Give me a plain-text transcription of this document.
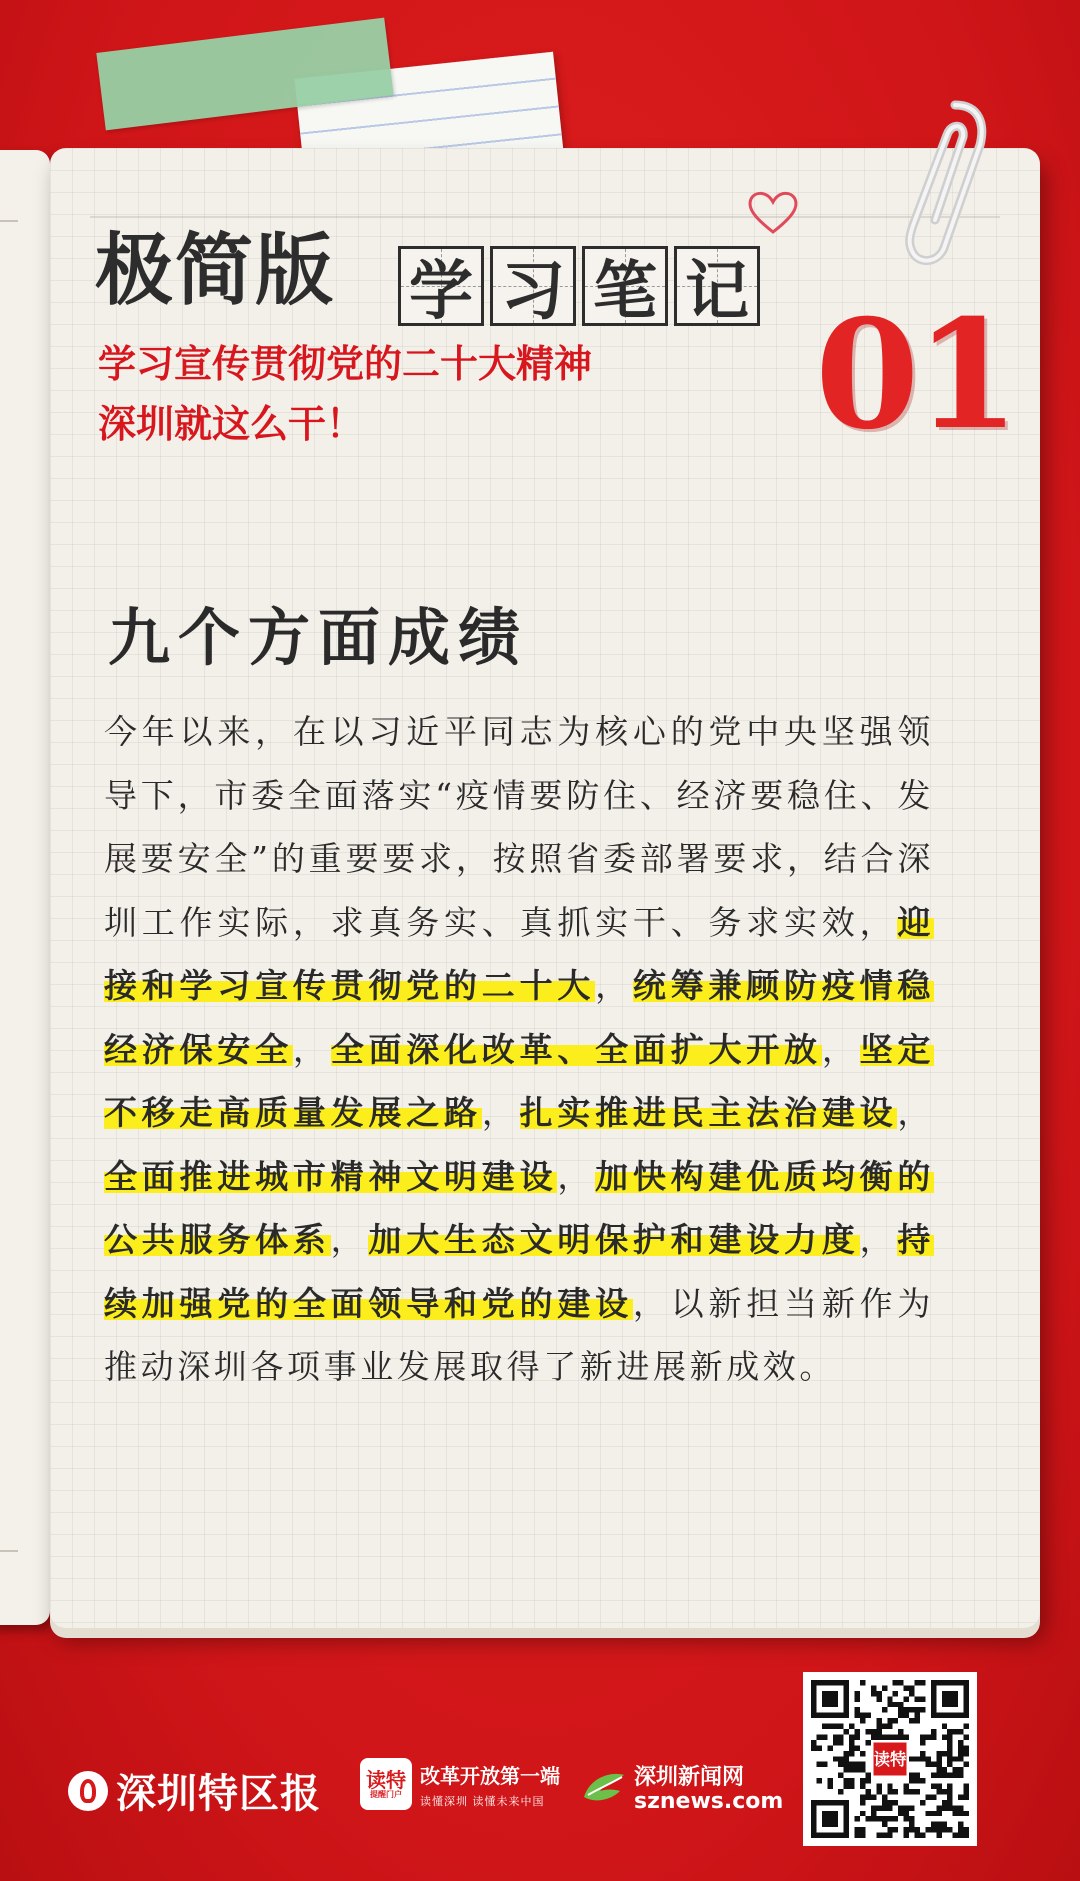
极简版 学 习 笔 记
学习宣传贯彻党的二十大精神
深圳就这么干！	01
九个方面成绩
今年以来，在以习近平同志为核心的党中央坚强领导下，市委全面落实“疫情要防住、经济要稳住、发展要安全”的重要要求，按照省委部署要求，结合深圳工作实际，求真务实、真抓实干、务求实效，迎接和学习宣传贯彻党的二十大，统筹兼顾防疫情稳经济保安全，全面深化改革、全面扩大开放，坚定不移走高质量发展之路，扎实推进民主法治建设，全面推进城市精神文明建设，加快构建优质均衡的公共服务体系，加大生态文明保护和建设力度，持续加强党的全面领导和党的建设，以新担当新作为推动深圳各项事业发展取得了新进展新成效。
深圳特区报 读特
提醒门户
改革开放第一端
读懂深圳 读懂未来中国
深圳新闻网
sznews.com
读特
